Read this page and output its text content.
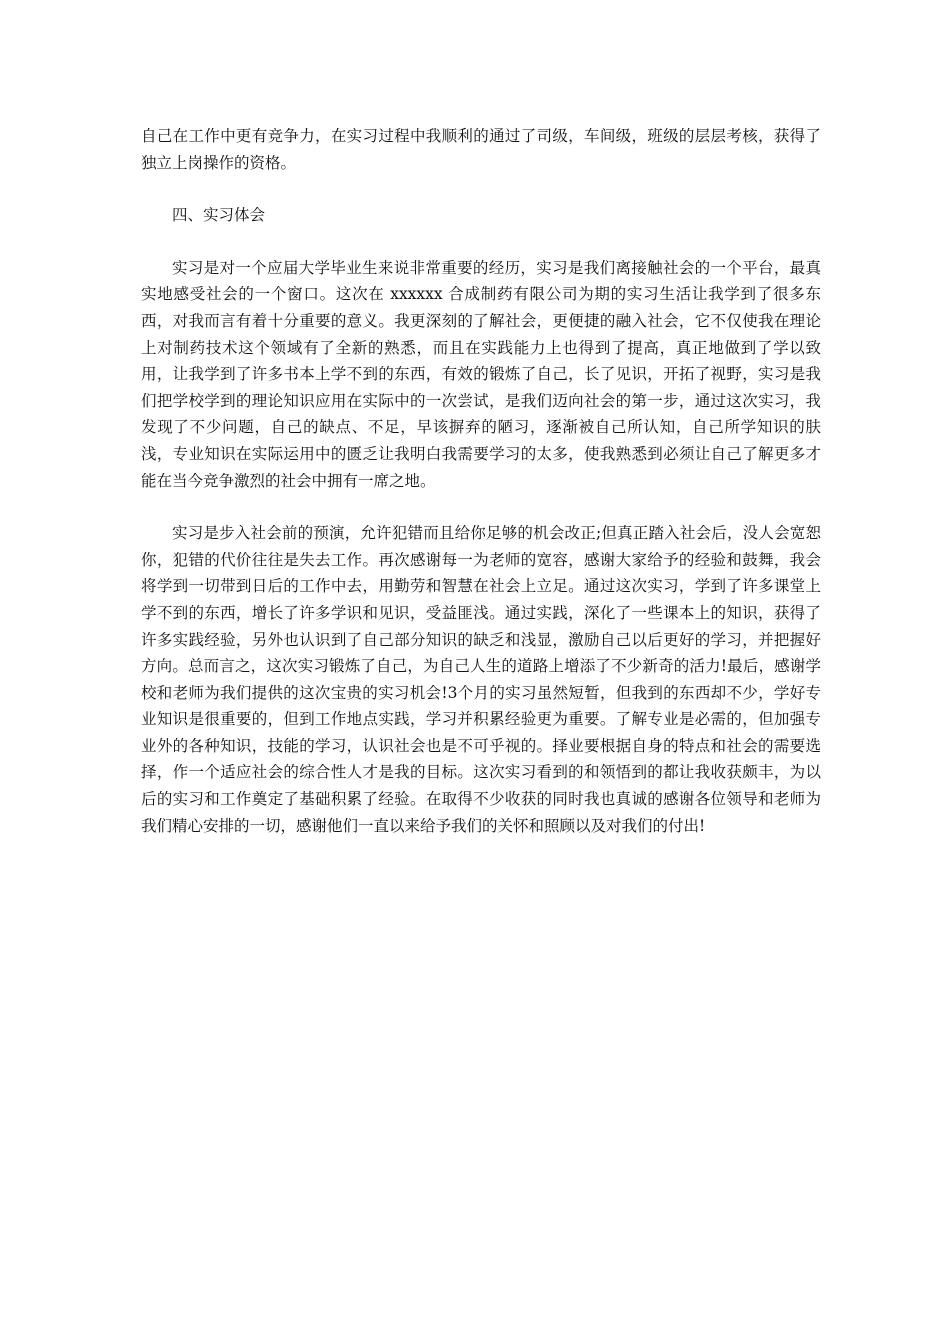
自己在工作中更有竞争力，在实习过程中我顺利的通过了司级，车间级，班级的层层考核，获得了独立上岗操作的资格。

四、实习体会

实习是对一个应届大学毕业生来说非常重要的经历，实习是我们离接触社会的一个平台，最真实地感受社会的一个窗口。这次在 xxxxxx 合成制药有限公司为期的实习生活让我学到了很多东西，对我而言有着十分重要的意义。我更深刻的了解社会，更便捷的融入社会，它不仅使我在理论上对制药技术这个领域有了全新的熟悉，而且在实践能力上也得到了提高，真正地做到了学以致用，让我学到了许多书本上学不到的东西，有效的锻炼了自己，长了见识，开拓了视野，实习是我们把学校学到的理论知识应用在实际中的一次尝试，是我们迈向社会的第一步，通过这次实习，我发现了不少问题，自己的缺点、不足，早该摒弃的陋习，逐渐被自己所认知，自己所学知识的肤浅，专业知识在实际运用中的匮乏让我明白我需要学习的太多，使我熟悉到必须让自己了解更多才能在当今竞争激烈的社会中拥有一席之地。

实习是步入社会前的预演，允许犯错而且给你足够的机会改正;但真正踏入社会后，没人会宽恕你，犯错的代价往往是失去工作。再次感谢每一为老师的宽容，感谢大家给予的经验和鼓舞，我会将学到一切带到日后的工作中去，用勤劳和智慧在社会上立足。通过这次实习，学到了许多课堂上学不到的东西，增长了许多学识和见识，受益匪浅。通过实践，深化了一些课本上的知识，获得了许多实践经验，另外也认识到了自己部分知识的缺乏和浅显，激励自己以后更好的学习，并把握好方向。总而言之，这次实习锻炼了自己，为自己人生的道路上增添了不少新奇的活力!最后，感谢学校和老师为我们提供的这次宝贵的实习机会!3个月的实习虽然短暂，但我到的东西却不少，学好专业知识是很重要的，但到工作地点实践，学习并积累经验更为重要。了解专业是必需的，但加强专业外的各种知识，技能的学习，认识社会也是不可乎视的。择业要根据自身的特点和社会的需要选择，作一个适应社会的综合性人才是我的目标。这次实习看到的和领悟到的都让我收获颇丰，为以后的实习和工作奠定了基础积累了经验。在取得不少收获的同时我也真诚的感谢各位领导和老师为我们精心安排的一切，感谢他们一直以来给予我们的关怀和照顾以及对我们的付出!
